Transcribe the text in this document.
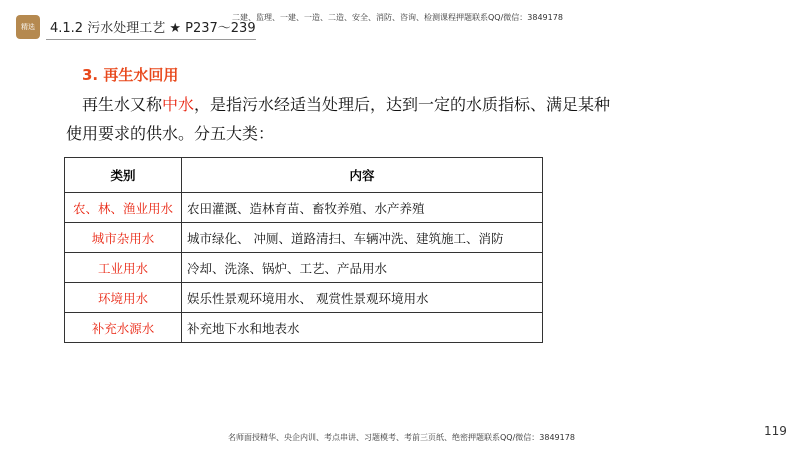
精选	4.1.2 污水处理工艺 ★ P237～239
二建、监理、一建、一造、二造、安全、消防、咨询、检测课程押题联系QQ/微信：3849178
3. 再生水回用
再生水又称中水，是指污水经适当处理后，达到一定的水质指标、满足某种
使用要求的供水。分五大类：
类别	内容
农、林、渔业用水	农田灌溉、造林育苗、畜牧养殖、水产养殖
城市杂用水	城市绿化、 冲厕、道路清扫、车辆冲洗、建筑施工、消防
工业用水	冷却、洗涤、锅炉、工艺、产品用水
环境用水	娱乐性景观环境用水、 观赏性景观环境用水
补充水源水	补充地下水和地表水
119
名师面授精华、央企内训、考点串讲、习题模考、考前三页纸、绝密押题联系QQ/微信：3849178
